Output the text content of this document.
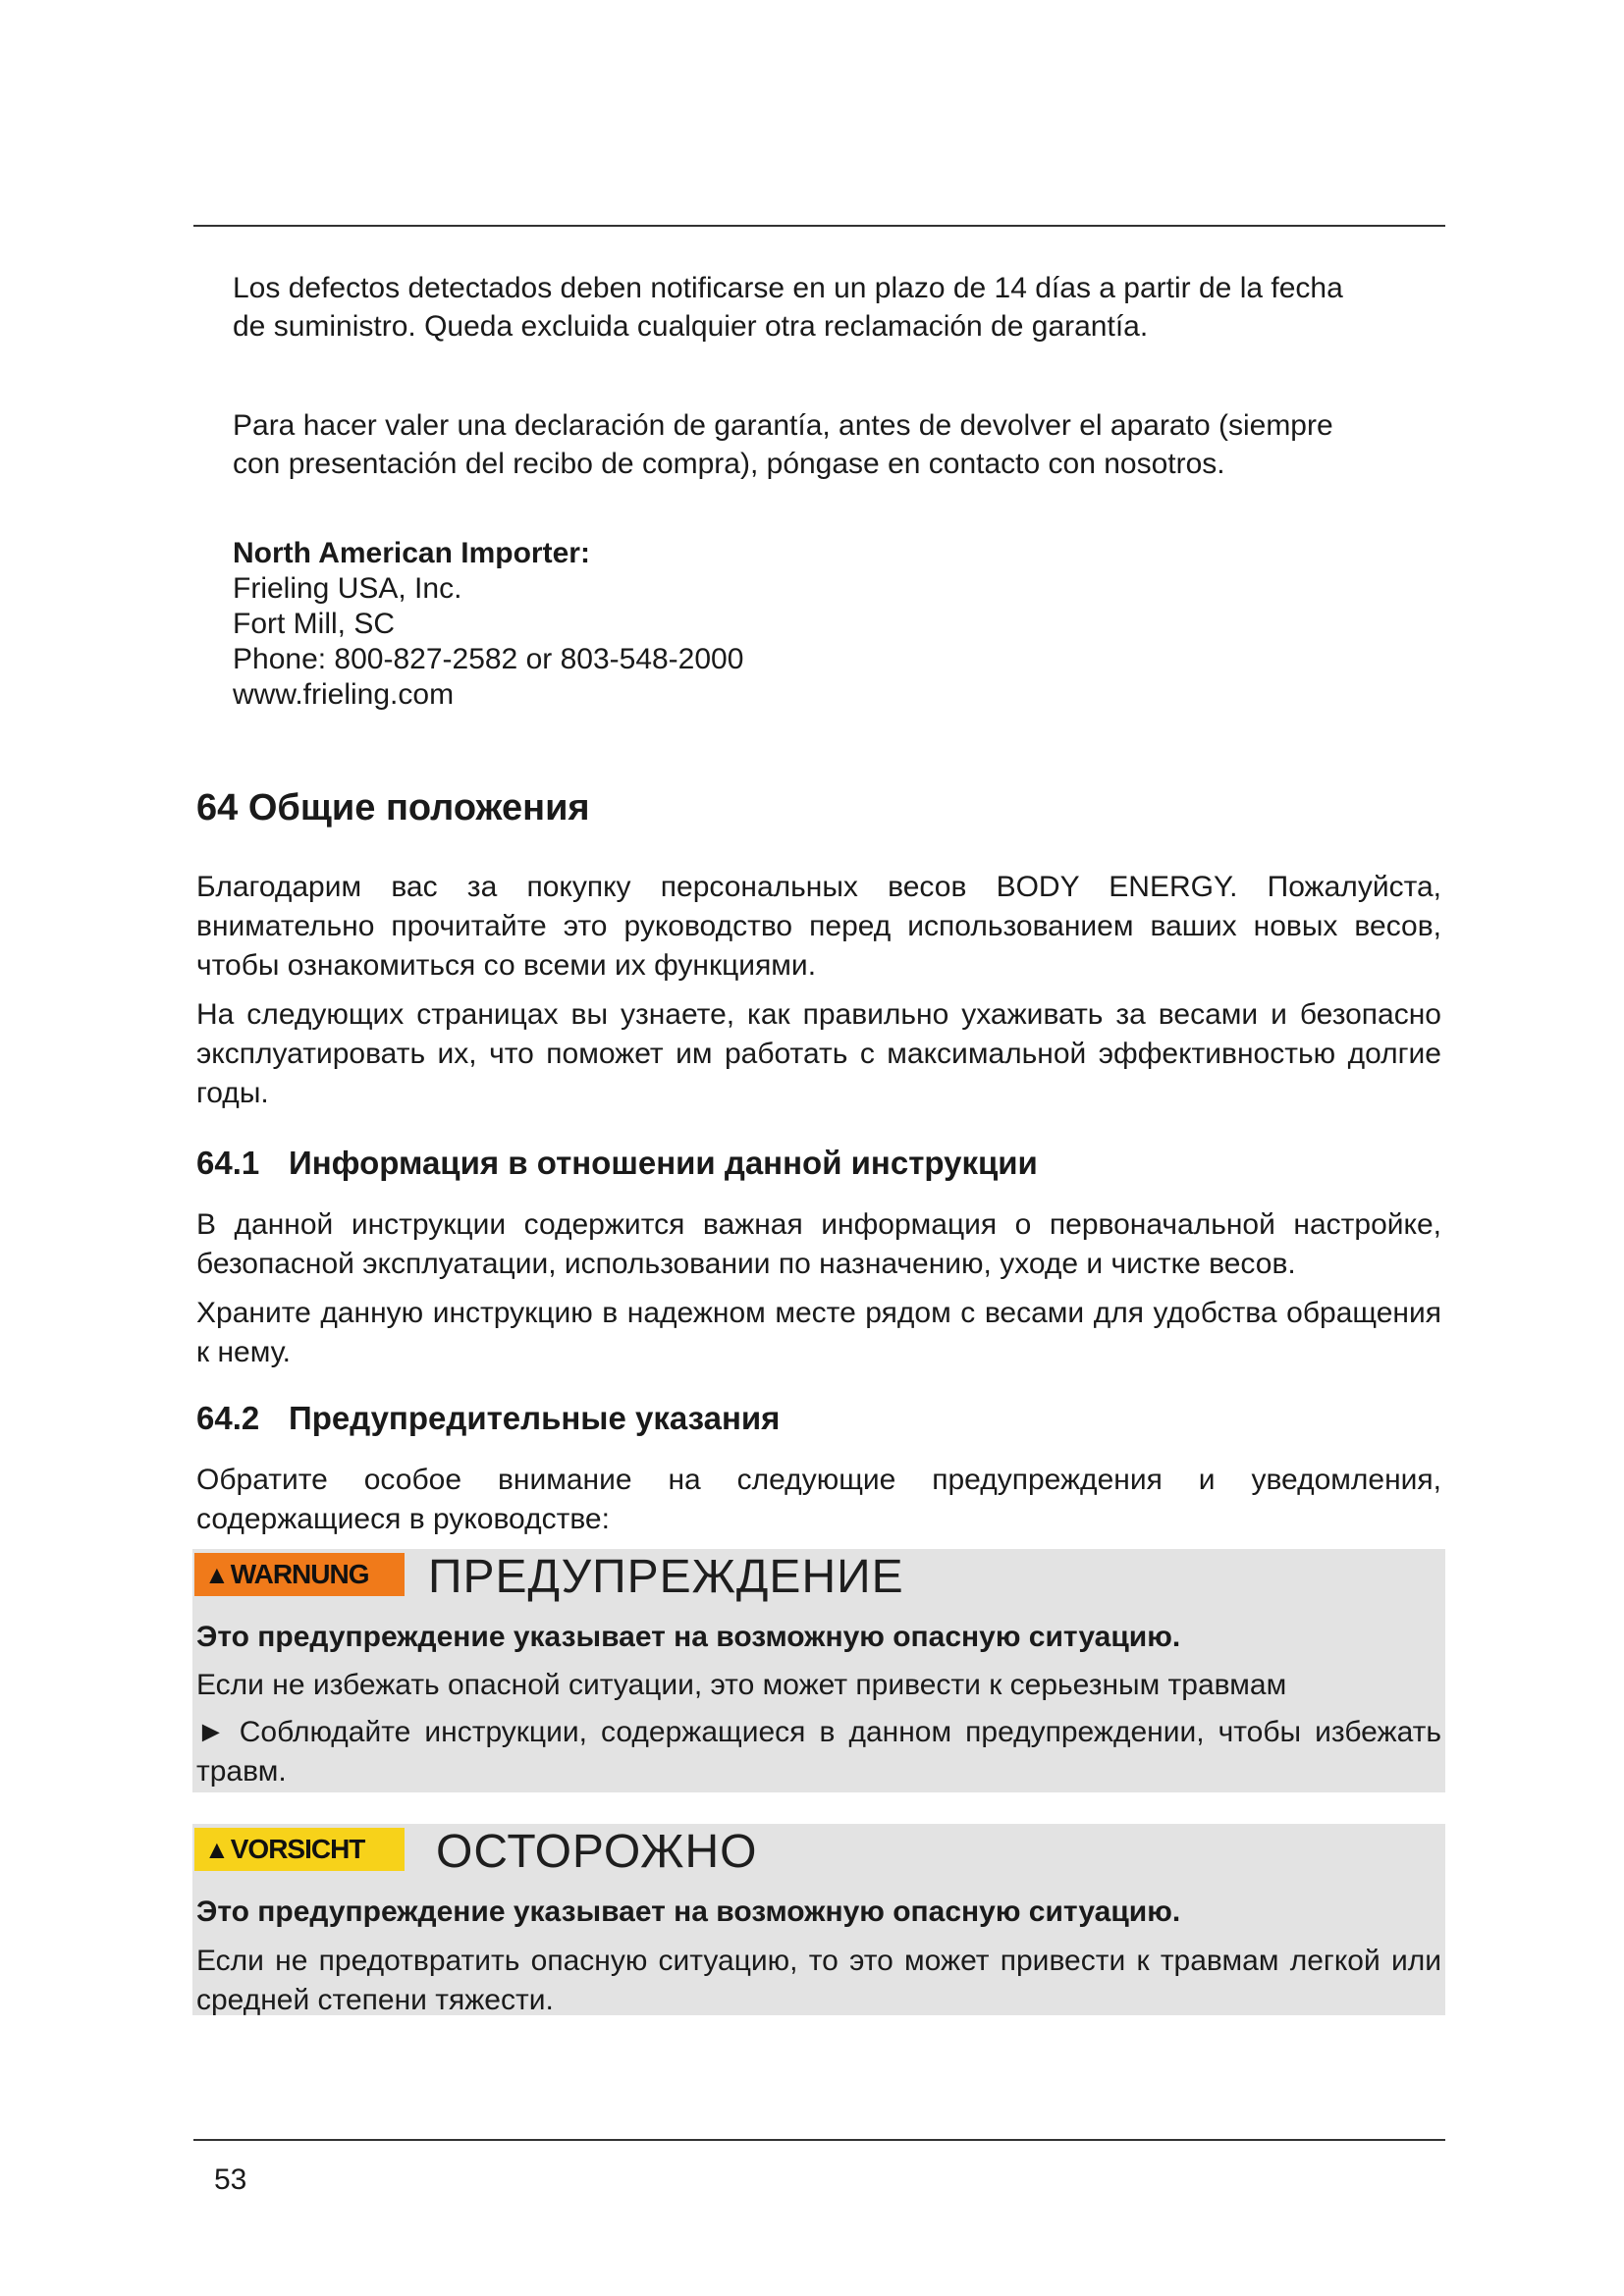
Los defectos detectados deben notificarse en un plazo de 14 días a partir de la fecha

de suministro. Queda excluida cualquier otra reclamación de garantía.

Para hacer valer una declaración de garantía, antes de devolver el aparato (siempre

con presentación del recibo de compra), póngase en contacto con nosotros.

North American Importer:

Frieling USA, Inc.

Fort Mill, SC

Phone: 800-827-2582 or 803-548-2000

www.frieling.com

64 Общие положения

Благодарим вас за покупку персональных весов BODY ENERGY. Пожалуйста, внимательно прочитайте это руководство перед использованием ваших новых весов, чтобы ознакомиться со всеми их функциями.

На следующих страницах вы узнаете, как правильно ухаживать за весами и безопасно эксплуатировать их, что поможет им работать с максимальной эффективностью долгие годы.

64.1 Информация в отношении данной инструкции

В данной инструкции содержится важная информация о первоначальной настройке, безопасной эксплуатации, использовании по назначению, уходе и чистке весов.

Храните данную инструкцию в надежном месте рядом с весами для удобства обращения к нему.

64.2 Предупредительные указания

Обратите особое внимание на следующие предупреждения и уведомления, содержащиеся в руководстве:

▲WARNUNG	ПРЕДУПРЕЖДЕНИЕ

Это предупреждение указывает на возможную опасную ситуацию.

Если не избежать опасной ситуации, это может привести к серьезным травмам

► Соблюдайте инструкции, содержащиеся в данном предупреждении, чтобы избежать травм.

▲VORSICHT	ОСТОРОЖНО

Это предупреждение указывает на возможную опасную ситуацию.

Если не предотвратить опасную ситуацию, то это может привести к травмам легкой или средней степени тяжести.

53
